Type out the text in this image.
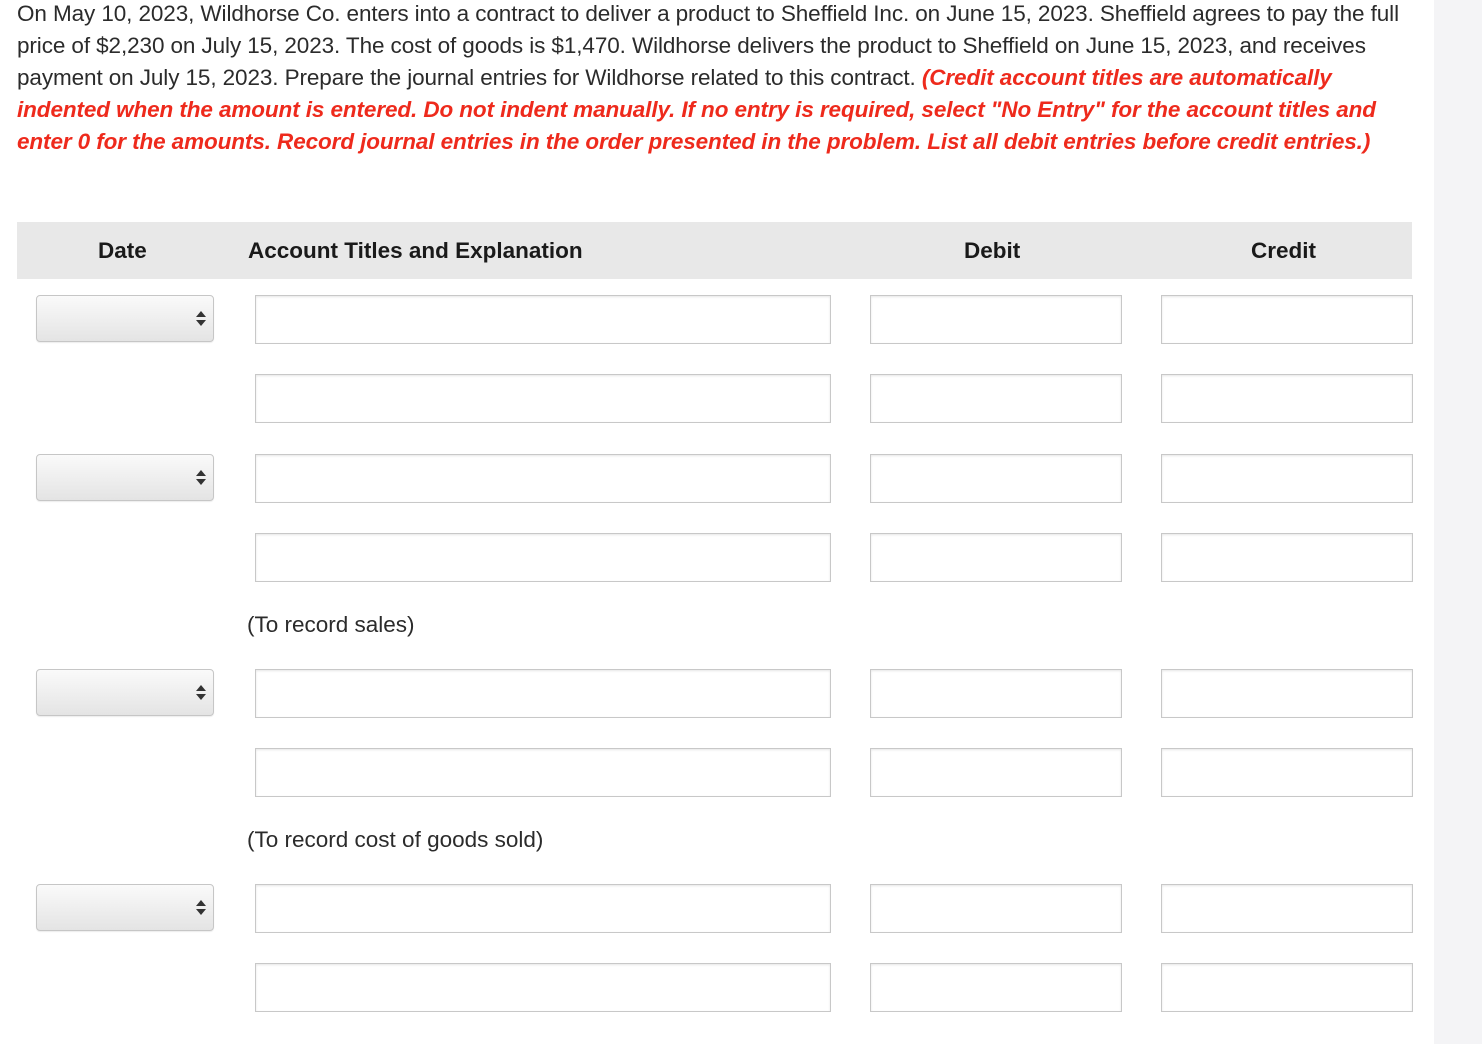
On May 10, 2023, Wildhorse Co. enters into a contract to deliver a product to Sheffield Inc. on June 15, 2023. Sheffield agrees to pay the full price of $2,230 on July 15, 2023. The cost of goods is $1,470. Wildhorse delivers the product to Sheffield on June 15, 2023, and receives payment on July 15, 2023. Prepare the journal entries for Wildhorse related to this contract. (Credit account titles are automatically indented when the amount is entered. Do not indent manually. If no entry is required, select "No Entry" for the account titles and enter 0 for the amounts. Record journal entries in the order presented in the problem. List all debit entries before credit entries.)
Date	Account Titles and Explanation	Debit	Credit
(To record sales)
(To record cost of goods sold)
